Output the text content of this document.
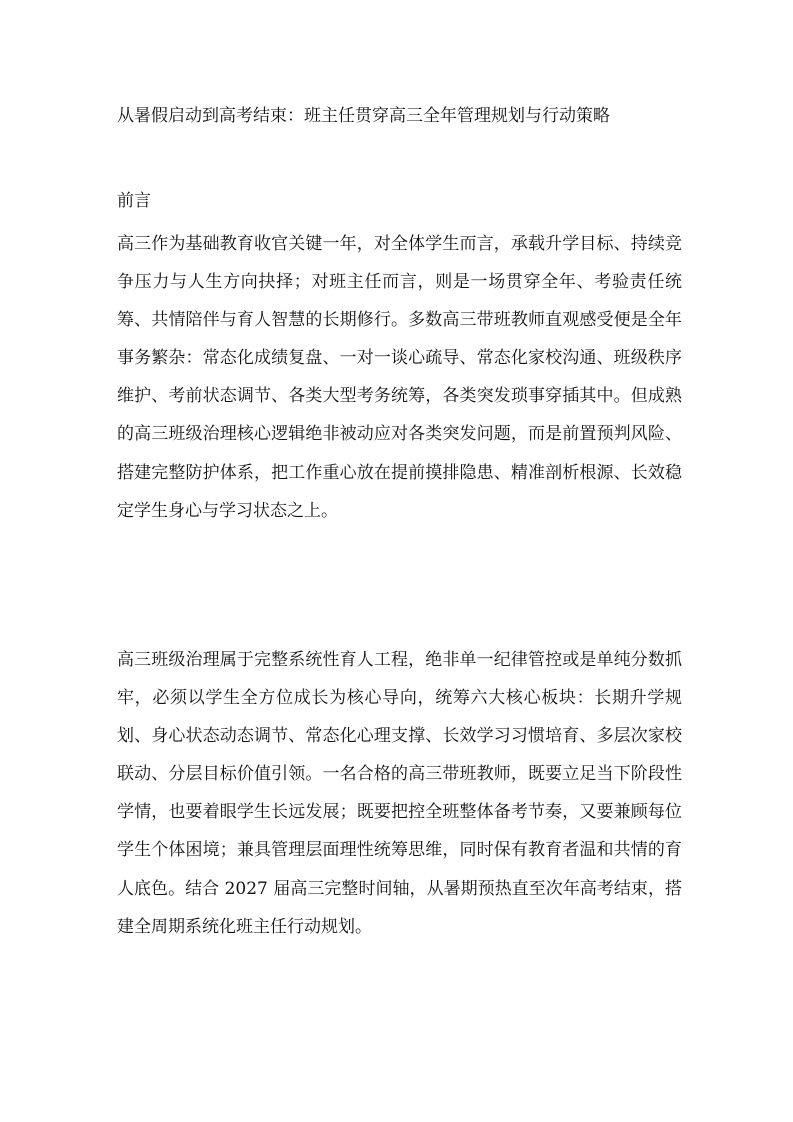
从暑假启动到高考结束：班主任贯穿高三全年管理规划与行动策略

前言

高三作为基础教育收官关键一年，对全体学生而言，承载升学目标、持续竞争压力与人生方向抉择；对班主任而言，则是一场贯穿全年、考验责任统筹、共情陪伴与育人智慧的长期修行。多数高三带班教师直观感受便是全年事务繁杂：常态化成绩复盘、一对一谈心疏导、常态化家校沟通、班级秩序维护、考前状态调节、各类大型考务统筹，各类突发琐事穿插其中。但成熟的高三班级治理核心逻辑绝非被动应对各类突发问题，而是前置预判风险、搭建完整防护体系，把工作重心放在提前摸排隐患、精准剖析根源、长效稳定学生身心与学习状态之上。

高三班级治理属于完整系统性育人工程，绝非单一纪律管控或是单纯分数抓牢，必须以学生全方位成长为核心导向，统筹六大核心板块：长期升学规划、身心状态动态调节、常态化心理支撑、长效学习习惯培育、多层次家校联动、分层目标价值引领。一名合格的高三带班教师，既要立足当下阶段性学情，也要着眼学生长远发展；既要把控全班整体备考节奏，又要兼顾每位学生个体困境；兼具管理层面理性统筹思维，同时保有教育者温和共情的育人底色。结合 2027 届高三完整时间轴，从暑期预热直至次年高考结束，搭建全周期系统化班主任行动规划。
